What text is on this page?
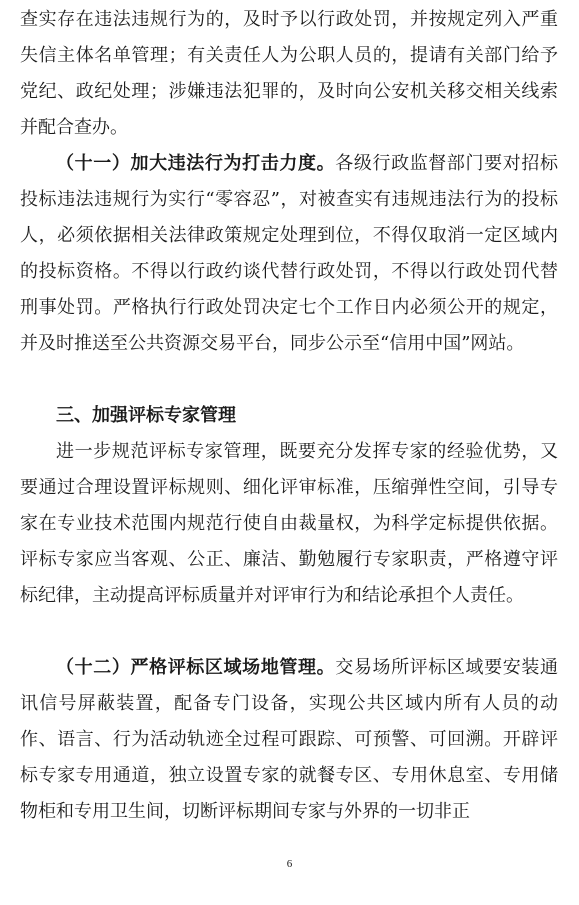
查实存在违法违规行为的，及时予以行政处罚，并按规定列入严重失信主体名单管理；有关责任人为公职人员的，提请有关部门给予党纪、政纪处理；涉嫌违法犯罪的，及时向公安机关移交相关线索并配合查办。

（十一）加大违法行为打击力度。各级行政监督部门要对招标投标违法违规行为实行“零容忍”，对被查实有违规违法行为的投标人，必须依据相关法律政策规定处理到位，不得仅取消一定区域内的投标资格。不得以行政约谈代替行政处罚，不得以行政处罚代替刑事处罚。严格执行行政处罚决定七个工作日内必须公开的规定，并及时推送至公共资源交易平台，同步公示至“信用中国”网站。

三、加强评标专家管理

进一步规范评标专家管理，既要充分发挥专家的经验优势，又要通过合理设置评标规则、细化评审标准，压缩弹性空间，引导专家在专业技术范围内规范行使自由裁量权，为科学定标提供依据。评标专家应当客观、公正、廉洁、勤勉履行专家职责，严格遵守评标纪律，主动提高评标质量并对评审行为和结论承担个人责任。

（十二）严格评标区域场地管理。交易场所评标区域要安装通讯信号屏蔽装置，配备专门设备，实现公共区域内所有人员的动作、语言、行为活动轨迹全过程可跟踪、可预警、可回溯。开辟评标专家专用通道，独立设置专家的就餐专区、专用休息室、专用储物柜和专用卫生间，切断评标期间专家与外界的一切非正

6
